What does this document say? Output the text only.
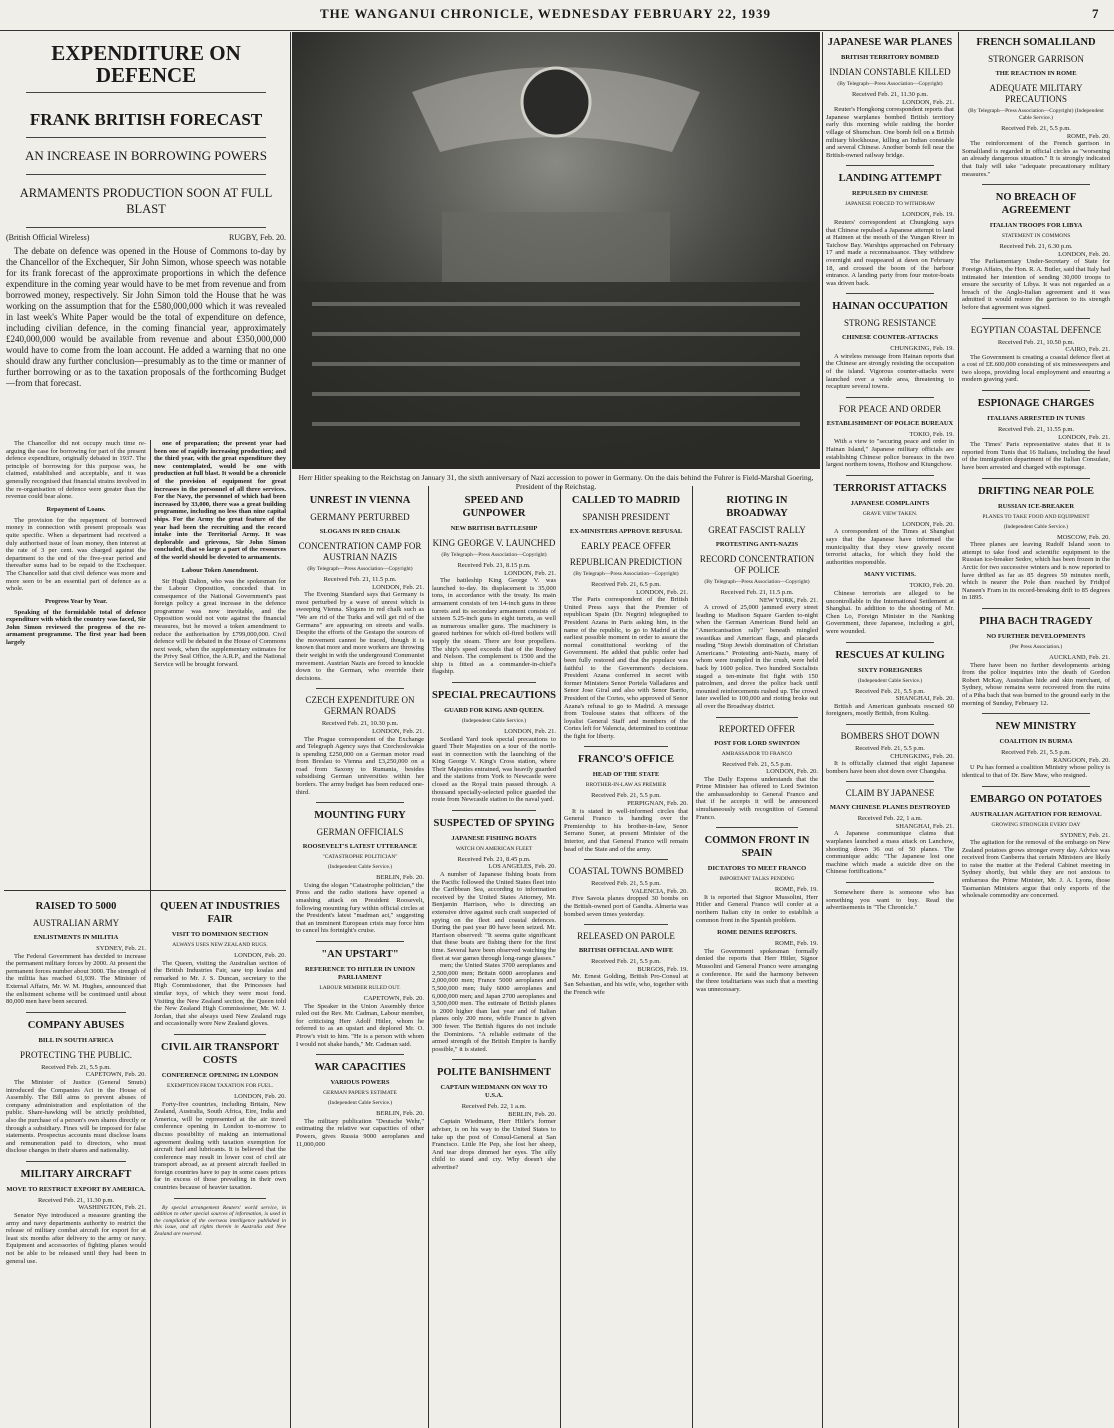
THE WANGANUI CHRONICLE, WEDNESDAY FEBRUARY 22, 1939	7
EXPENDITURE ON DEFENCE
FRANK BRITISH FORECAST
AN INCREASE IN BORROWING POWERS
ARMAMENTS PRODUCTION SOON AT FULL BLAST
(British Official Wireless)	RUGBY, Feb. 20.

The debate on defence was opened in the House of Commons to-day by the Chancellor of the Exchequer, Sir John Simon, whose speech was notable for its frank forecast of the approximate proportions in which the defence expenditure in the coming year would have to be met from revenue and from borrowed money, respectively. Sir John Simon told the House that he was working on the assumption that for the £580,000,000 which it was revealed in last week's White Paper would be the total of expenditure on defence, including civilian defence, in the coming financial year, approximately £240,000,000 would be available from revenue and about £350,000,000 would have to come from the loan account. He added a warning that no one should draw any further conclusion—presumably as to the time or manner of further borrowing or as to the taxation proposals of the forthcoming Budget—from that forecast.

The Chancellor did not occupy much time re-arguing the case for borrowing for part of the present defence expenditure, originally debated in 1937. The principle of borrowing for this purpose was, he claimed, established and acceptable, and it was generally recognised that financial strains involved in the re-organisation of defence were greater than the revenue could bear alone.

Repayment of Loans.

The provision for the repayment of borrowed money in connection with present proposals was quite specific. When a department had received a duly authorised issue of loan money, then interest at the rate of 3 per cent. was charged against the department to the end of the five-year period and thereafter sums had to be repaid to the Exchequer. The Chancellor said that civil defence was more and more seen to be an essential part of defence as a whole.

Progress Year by Year.

Speaking of the formidable total of defence expenditure with which the country was faced, Sir John Simon reviewed the progress of the re-armament programme. The first year had been largely

one of preparation; the present year had been one of rapidly increasing production; and the third year, with the great expenditure they now contemplated, would be one with production at full blast. It would be a chronicle of the provision of equipment for great increases in the personnel of all three services. For the Navy, the personnel of which had been increased by 33,000, there was a great building programme, including no less than nine capital ships. For the Army the great feature of the year had been the recruiting and the record intake into the Territorial Army. It was deplorable and grievous, Sir John Simon concluded, that so large a part of the resources of the world should be devoted to armaments.

Labour Token Amendment.

Sir Hugh Dalton, who was the spokesman for the Labour Opposition, conceded that in consequence of the National Government's past foreign policy a great increase in the defence programme was now inevitable, and the Opposition would not vote against the financial measures, but he moved a token amendment to reduce the authorisation by £799,000,000. Civil defence will be debated in the House of Commons next week, when the supplementary estimates for the Privy Seal Office, the A.R.P., and the National Service will be brought forward.

RAISED TO 5000
AUSTRALIAN ARMY
ENLISTMENTS IN MILITIA
SYDNEY, Feb. 21.

The Federal Government has decided to increase the permanent military forces by 2000. At present the permanent forces number about 3000. The strength of the militia has reached 61,939. The Minister of External Affairs, Mr. W. M. Hughes, announced that the enlistment scheme will be continued until about 80,000 men have been secured.

COMPANY ABUSES
BILL IN SOUTH AFRICA
PROTECTING THE PUBLIC.
Received Feb. 21, 5.5 p.m.
CAPETOWN, Feb. 20.

The Minister of Justice (General Smuts) introduced the Companies Act in the House of Assembly. The Bill aims to prevent abuses of company administration and exploitation of the public. Share-hawking will be strictly prohibited, also the purchase of a person's own shares directly or through a subsidiary. Fines will be imposed for false statements. Prospectus accounts must disclose loans and remuneration paid to directors, who must disclose changes in their shares and nationality.

MILITARY AIRCRAFT
MOVE TO RESTRICT EXPORT BY AMERICA.
Received Feb. 21, 11.30 p.m.
WASHINGTON, Feb. 21.

Senator Nye introduced a measure granting the army and navy departments authority to restrict the release of military combat aircraft for export for at least six months after delivery to the army or navy. Equipment and accessories of fighting planes would not be able to be released until they had been in general use.

QUEEN AT INDUSTRIES FAIR
VISIT TO DOMINION SECTION
ALWAYS USES NEW ZEALAND RUGS.
LONDON, Feb. 20.

The Queen, visiting the Australian section of the British Industries Fair, saw top koalas and remarked to Mr. J. S. Duncan, secretary to the High Commissioner, that the Princesses had similar toys, of which they were most fond. Visiting the New Zealand section, the Queen told the New Zealand High Commissioner, Mr. W. J. Jordan, that she always used New Zealand rugs and occasionally wore New Zealand gloves.

CIVIL AIR TRANSPORT COSTS
CONFERENCE OPENING IN LONDON
EXEMPTION FROM TAXATION FOR FUEL.
LONDON, Feb. 20.

Forty-five countries, including Britain, New Zealand, Australia, South Africa, Eire, India and America, will be represented at the air travel conference opening in London to-morrow to discuss possibility of making an international agreement dealing with taxation exemption for aircraft fuel and lubricants. It is believed that the conference may result in lower cost of civil air transport abroad, as at present aircraft fuelled in foreign countries have to pay in some cases prices far in excess of those prevailing in their own countries because of heavier taxation.

By special arrangement Reuters' world service, in addition to other special sources of information, is used in the compilation of the overseas intelligence published in this issue, and all rights therein in Australia and New Zealand are reserved.

Herr Hitler speaking to the Reichstag on January 31, the sixth anniversary of Nazi accession to power in Germany. On the dais behind the Fuhrer is Field-Marshal Goering, President of the Reichstag.
UNREST IN VIENNA
GERMANY PERTURBED
SLOGANS IN RED CHALK
CONCENTRATION CAMP FOR AUSTRIAN NAZIS
(By Telegraph—Press Association—Copyright)
Received Feb. 21, 11.5 p.m.
LONDON, Feb. 21.

The Evening Standard says that Germany is most perturbed by a wave of unrest which is sweeping Vienna. Slogans in red chalk such as "We are rid of the Turks and will get rid of the Germans" are appearing on streets and walls. Despite the efforts of the Gestapo the sources of the movement cannot be traced, though it is known that more and more workers are throwing their weight in with the underground Communist movement. Austrian Nazis are forced to knuckle down to the German, who override their decisions.

CZECH EXPENDITURE ON GERMAN ROADS
Received Feb. 21, 10.30 p.m.
LONDON, Feb. 21.

The Prague correspondent of the Exchange and Telegraph Agency says that Czechoslovakia is spending £250,000 on a German motor road from Breslau to Vienna and £3,250,000 on a road from Saxony to Rumania, besides subsidising German universities within her borders. The army budget has been reduced one-third.

MOUNTING FURY
GERMAN OFFICIALS
ROOSEVELT'S LATEST UTTERANCE
"CATASTROPHE POLITICIAN"
(Independent Cable Service.)
BERLIN, Feb. 20.

Using the slogan "Catastrophe politician," the Press and the radio stations have opened a smashing attack on President Roosevelt, following mounting fury within official circles at the President's latest "madman act," suggesting that an imminent European crisis may force him to cancel his fortnight's cruise.

"AN UPSTART"
REFERENCE TO HITLER IN UNION PARLIAMENT
LABOUR MEMBER RULED OUT.
CAPETOWN, Feb. 20.

The Speaker in the Union Assembly thrice ruled out the Rev. Mr. Cadman, Labour member, for criticising Herr Adolf Hitler, whom he referred to as an upstart and deplored Mr. O. Pirow's visit to him. "He is a person with whom I would not shake hands," Mr. Cadman said.

WAR CAPACITIES
VARIOUS POWERS
GERMAN PAPER'S ESTIMATE
(Independent Cable Service.)
BERLIN, Feb. 20.

The military publication "Deutsche Wehr," estimating the relative war capacities of other Powers, gives Russia 9000 aeroplanes and 11,000,000

SPEED AND GUNPOWER
NEW BRITISH BATTLESHIP
KING GEORGE V. LAUNCHED
(By Telegraph—Press Association—Copyright)
Received Feb. 21, 8.15 p.m.
LONDON, Feb. 21.

The battleship King George V. was launched to-day. Its displacement is 35,000 tons, in accordance with the treaty. Its main armament consists of ten 14-inch guns in three turrets and its secondary armament consists of sixteen 5.25-inch guns in eight turrets, as well as numerous smaller guns. The machinery is geared turbines for which oil-fired boilers will supply the steam. There are four propellers. The ship's speed exceeds that of the Rodney and Nelson. The complement is 1500 and the ship is fitted as a commander-in-chief's flagship.

SPECIAL PRECAUTIONS
GUARD FOR KING AND QUEEN.
(Independent Cable Service.)
LONDON, Feb. 21.

Scotland Yard took special precautions to guard Their Majesties on a tour of the north-east in connection with the launching of the King George V. King's Cross station, where Their Majesties entrained, was heavily guarded and the stations from York to Newcastle were closed as the Royal train passed through. A thousand specially-selected police guarded the route from Newcastle station to the naval yard.

SUSPECTED OF SPYING
JAPANESE FISHING BOATS
WATCH ON AMERICAN FLEET
Received Feb. 21, 8.45 p.m.
LOS ANGELES, Feb. 20.

A number of Japanese fishing boats from the Pacific followed the United States fleet into the Caribbean Sea, according to information received by the United States Attorney, Mr. Benjamin Harrison, who is directing an extensive drive against such craft suspected of spying on the fleet and coastal defences. During the past year 80 have been seized. Mr. Harrison observed: "It seems quite significant that these boats are fishing there for the first time. Several have been observed watching the fleet at war games through long-range glasses."

men; the United States 3700 aeroplanes and 2,500,000 men; Britain 6000 aeroplanes and 2,000,000 men; France 5000 aeroplanes and 5,500,000 men; Italy 6000 aeroplanes and 6,000,000 men; and Japan 2700 aeroplanes and 3,500,000 men. The estimate of British planes is 2000 higher than last year and of Italian planes only 200 more, while France is given 300 fewer. The British figures do not include the Dominions. "A reliable estimate of the armed strength of the British Empire is hardly possible," it is stated.

POLITE BANISHMENT
CAPTAIN WIEDMANN ON WAY TO U.S.A.
Received Feb. 22, 1 a.m.
BERLIN, Feb. 20.

Captain Wiedmann, Herr Hitler's former adviser, is on his way to the United States to take up the post of Consul-General at San Francisco. Little He Pep, she lost her sheep, And tear drops dimmed her eyes. The silly child to stand and cry. Why doesn't she advertise?

CALLED TO MADRID
SPANISH PRESIDENT
EX-MINISTERS APPROVE REFUSAL
EARLY PEACE OFFER
REPUBLICAN PREDICTION
(By Telegraph—Press Association—Copyright)
Received Feb. 21, 6.5 p.m.
LONDON, Feb. 21.

The Paris correspondent of the British United Press says that the Premier of republican Spain (Dr. Negrin) telegraphed to President Azana in Paris asking him, in the name of the republic, to go to Madrid at the earliest possible moment in order to assure the normal constitutional working of the Government. He added that public order had been fully restored and that the populace was faithful to the Government's decisions. President Azana conferred in secret with former Ministers Senor Portela Valladares and Senor Jose Giral and also with Senor Barrio, President of the Cortes, who approved of Senor Azana's refusal to go to Madrid. A message from Toulouse states that officers of the loyalist General Staff and members of the Cortes left for Valencia, determined to continue the fight for liberty.

FRANCO'S OFFICE
HEAD OF THE STATE
BROTHER-IN-LAW AS PREMIER
Received Feb. 21, 5.5 p.m.
PERPIGNAN, Feb. 20.

It is stated in well-informed circles that General Franco is handing over the Premiership to his brother-in-law, Senor Serrano Suner, at present Minister of the Interior, and that General Franco will remain head of the State and of the army.

COASTAL TOWNS BOMBED
Received Feb. 21, 5.5 p.m.
VALENCIA, Feb. 20.

Five Savoia planes dropped 30 bombs on the British-owned port of Gandia. Almeria was bombed seven times yesterday.

RELEASED ON PAROLE
BRITISH OFFICIAL AND WIFE
Received Feb. 21, 5.5 p.m.
BURGOS, Feb. 19.

Mr. Ernest Golding, British Pro-Consul at San Sebastian, and his wife, who, together with the French wife

RIOTING IN BROADWAY
GREAT FASCIST RALLY
PROTESTING ANTI-NAZIS
RECORD CONCENTRATION OF POLICE
(By Telegraph—Press Association—Copyright)
Received Feb. 21, 11.5 p.m.
NEW YORK, Feb. 21.

A crowd of 25,000 jammed every street leading to Madison Square Garden to-night when the German American Bund held an "Americanisation rally" beneath mingled swastikas and American flags, and placards reading "Stop Jewish domination of Christian Americans." Protesting anti-Nazis, many of whom were trampled in the crush, were held back by 1600 police. Two hundred Socialists staged a ten-minute fist fight with 150 patrolmen, and drove the police back until mounted reinforcements rushed up. The crowd later swelled to 100,000 and rioting broke out all over the Broadway district.

REPORTED OFFER
POST FOR LORD SWINTON
AMBASSADOR TO FRANCO
Received Feb. 21, 5.5 p.m.
LONDON, Feb. 20.

The Daily Express understands that the Prime Minister has offered to Lord Swinton the ambassadorship to General Franco and that if he accepts it will be announced simultaneously with recognition of General Franco.

COMMON FRONT IN SPAIN
DICTATORS TO MEET FRANCO
IMPORTANT TALKS PENDING
ROME, Feb. 19.

It is reported that Signor Mussolini, Herr Hitler and General Franco will confer at a northern Italian city in order to establish a common front in the Spanish problem.

ROME DENIES REPORTS.
ROME, Feb. 19.

The Government spokesman formally denied the reports that Herr Hitler, Signor Mussolini and General Franco were arranging a conference. He said the harmony between the three totalitarians was such that a meeting was unnecessary.

JAPANESE WAR PLANES
BRITISH TERRITORY BOMBED
INDIAN CONSTABLE KILLED
(By Telegraph—Press Association—Copyright)
Received Feb. 21, 11.30 p.m.
LONDON, Feb. 21.

Reuter's Hongkong correspondent reports that Japanese warplanes bombed British territory early this morning while raiding the border village of Shumchun. One bomb fell on a British military blockhouse, killing an Indian constable and several Chinese. Another bomb fell near the British-owned railway bridge.

LANDING ATTEMPT
REPULSED BY CHINESE
JAPANESE FORCED TO WITHDRAW
LONDON, Feb. 19.

Reuters' correspondent at Chungking says that Chinese repulsed a Japanese attempt to land at Haimen at the mouth of the Yungan River in Taichow Bay. Warships approached on February 17 and made a reconnaissance. They withdrew overnight and reappeared at dawn on February 18, and crossed the boom of the harbour entrance. A landing party from four motor-boats was driven back.

HAINAN OCCUPATION
STRONG RESISTANCE
CHINESE COUNTER-ATTACKS
CHUNGKING, Feb. 19.

A wireless message from Hainan reports that the Chinese are strongly resisting the occupation of the island. Vigorous counter-attacks were launched over a wide area, threatening to recapture several towns.

FOR PEACE AND ORDER
ESTABLISHMENT OF POLICE BUREAUX
TOKIO, Feb. 19.

With a view to "securing peace and order in Hainan Island," Japanese military officials are establishing Chinese police bureaux in the two largest northern towns, Hoihow and Kiungchow.

TERRORIST ATTACKS
JAPANESE COMPLAINTS
GRAVE VIEW TAKEN.
LONDON, Feb. 20.

A correspondent of the Times at Shanghai says that the Japanese have informed the municipality that they view gravely recent terrorist attacks, for which they hold the authorities responsible.

MANY VICTIMS.
TOKIO, Feb. 20.

Chinese terrorists are alleged to be uncontrollable in the International Settlement at Shanghai. In addition to the shooting of Mr. Chen Lo, Foreign Minister in the Nanking Government, three Japanese, including a girl, were wounded.

RESCUES AT KULING
SIXTY FOREIGNERS
(Independent Cable Service.)
Received Feb. 21, 5.5 p.m.
SHANGHAI, Feb. 20.

British and American gunboats rescued 60 foreigners, mostly British, from Kuling.

BOMBERS SHOT DOWN
Received Feb. 21, 5.5 p.m.
CHUNGKING, Feb. 20.

It is officially claimed that eight Japanese bombers have been shot down over Changsha.

CLAIM BY JAPANESE
MANY CHINESE PLANES DESTROYED
Received Feb. 22, 1 a.m.
SHANGHAI, Feb. 21.

A Japanese communique claims that warplanes launched a mass attack on Lanchow, shooting down 36 out of 50 planes. The communique adds: "The Japanese lost one machine which made a suicide dive on the Chinese fortifications."

Somewhere there is someone who has something you want to buy. Read the advertisements in "The Chronicle."

FRENCH SOMALILAND
STRONGER GARRISON
THE REACTION IN ROME
ADEQUATE MILITARY PRECAUTIONS
(By Telegraph—Press Association—Copyright) (Independent Cable Service.)
Received Feb. 21, 5.5 p.m.
ROME, Feb. 20.

The reinforcement of the French garrison in Somaliland is regarded in official circles as "worsening an already dangerous situation." It is strongly indicated that Italy will take "adequate precautionary military measures."

NO BREACH OF AGREEMENT
ITALIAN TROOPS FOR LIBYA
STATEMENT IN COMMONS
Received Feb. 21, 6.30 p.m.
LONDON, Feb. 20.

The Parliamentary Under-Secretary of State for Foreign Affairs, the Hon. R. A. Butler, said that Italy had intimated her intention of sending 30,000 troops to ensure the security of Libya. It was not regarded as a breach of the Anglo-Italian agreement and it was admitted it would restore the garrison to its strength before that agreement was signed.

EGYPTIAN COASTAL DEFENCE
Received Feb. 21, 10.50 p.m.
CAIRO, Feb. 21.

The Government is creating a coastal defence fleet at a cost of £E.600,000 consisting of six minesweepers and two sloops, providing local employment and ensuring a modern graving yard.

ESPIONAGE CHARGES
ITALIANS ARRESTED IN TUNIS
Received Feb. 21, 11.55 p.m.
LONDON, Feb. 21.

The Times' Paris representative states that it is reported from Tunis that 16 Italians, including the head of the immigration department of the Italian Consulate, have been arrested and charged with espionage.

DRIFTING NEAR POLE
RUSSIAN ICE-BREAKER
PLANES TO TAKE FOOD AND EQUIPMENT
(Independent Cable Service.)
MOSCOW, Feb. 20.

Three planes are leaving Rudolf Island soon to attempt to take food and scientific equipment to the Russian ice-breaker Sedov, which has been frozen in the Arctic for two successive winters and is now reported to have drifted as far as 85 degrees 59 minutes north, which is nearer the Pole than reached by Fridtjof Nansen's Fram in its record-breaking drift to 85 degrees in 1895.

PIHA BACH TRAGEDY
NO FURTHER DEVELOPMENTS
(Per Press Association.)
AUCKLAND, Feb. 21.

There have been no further developments arising from the police inquiries into the death of Gordon Robert McKay, Australian hide and skin merchant, of Sydney, whose remains were recovered from the ruins of a Piha bach that was burned to the ground early in the morning of Sunday, February 12.

NEW MINISTRY
COALITION IN BURMA
Received Feb. 21, 5.5 p.m.
RANGOON, Feb. 20.

U Pu has formed a coalition Ministry whose policy is identical to that of Dr. Baw Maw, who resigned.

EMBARGO ON POTATOES
AUSTRALIAN AGITATION FOR REMOVAL
GROWING STRONGER EVERY DAY
SYDNEY, Feb. 21.

The agitation for the removal of the embargo on New Zealand potatoes grows stronger every day. Advice was received from Canberra that certain Ministers are likely to raise the matter at the Federal Cabinet meeting in Sydney shortly, but while they are not anxious to embarrass the Prime Minister, Mr. J. A. Lyons, those Tasmanian Ministers argue that only exports of the wholesale commodity are concerned.
